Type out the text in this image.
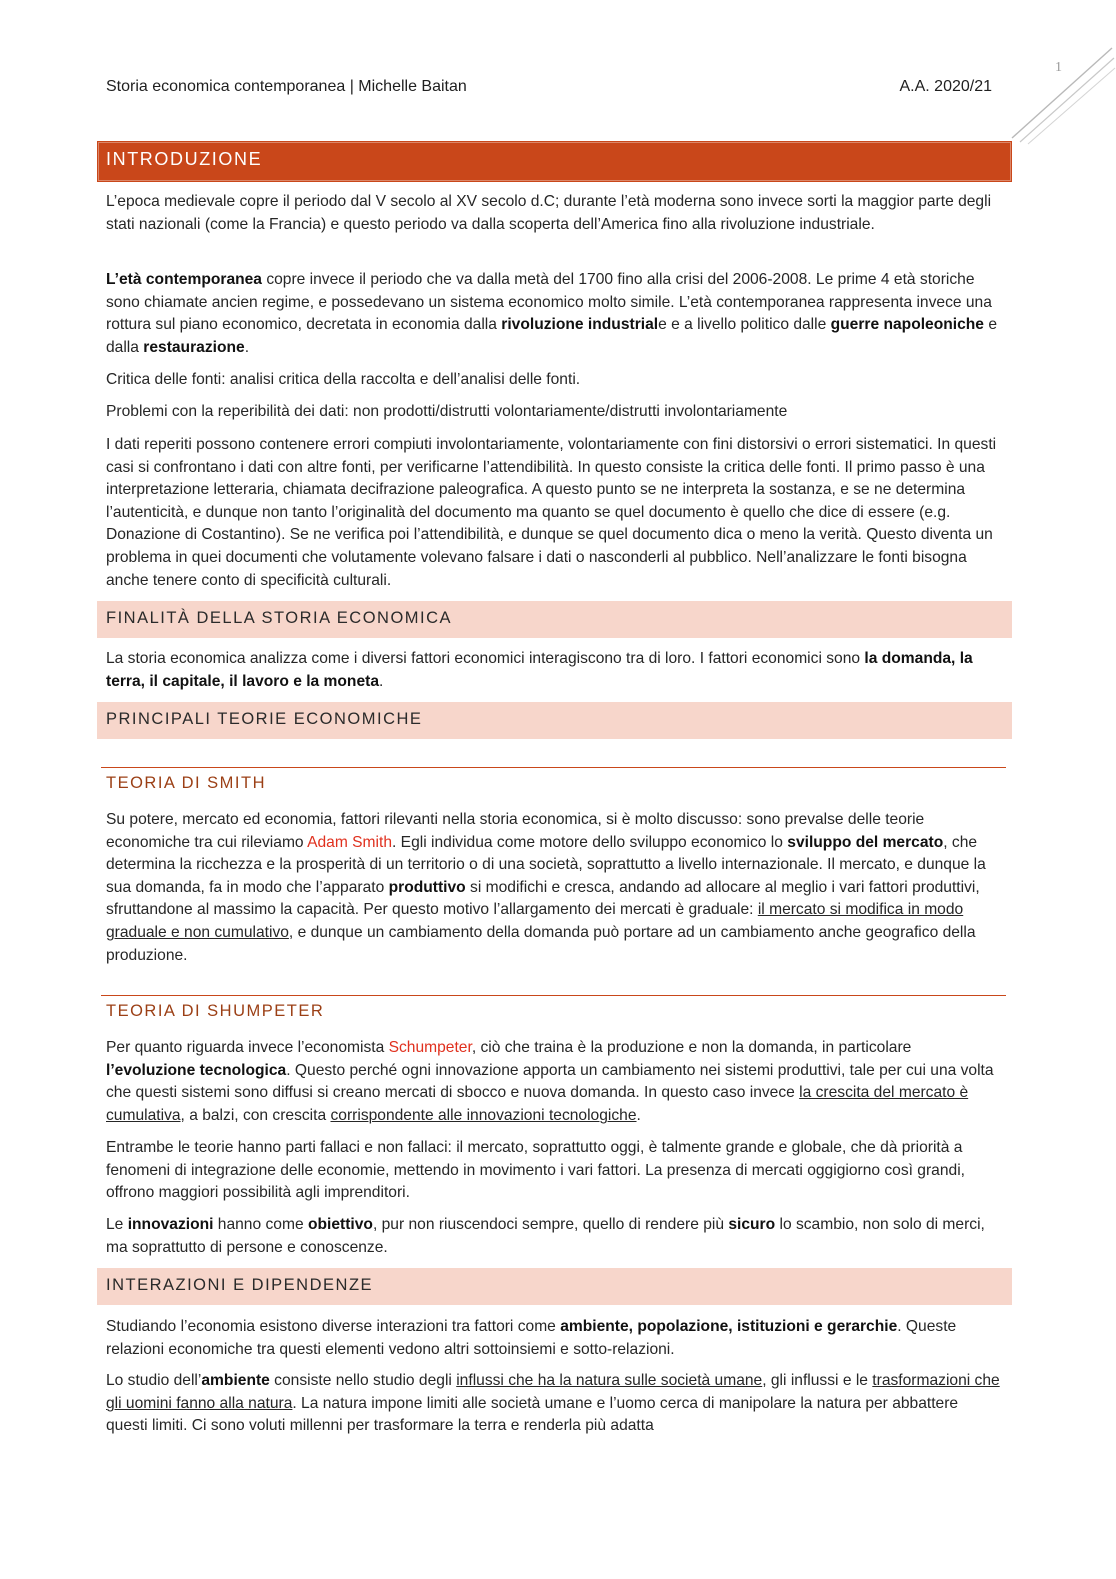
1
Storia economica contemporanea | Michelle Baitan	A.A. 2020/21
INTRODUZIONE

L’epoca medievale copre il periodo dal V secolo al XV secolo d.C; durante l’età moderna sono invece sorti la maggior parte degli stati nazionali (come la Francia) e questo periodo va dalla scoperta dell’America fino alla rivoluzione industriale.

L’età contemporanea copre invece il periodo che va dalla metà del 1700 fino alla crisi del 2006-2008. Le prime 4 età storiche sono chiamate ancien regime, e possedevano un sistema economico molto simile. L’età contemporanea rappresenta invece una rottura sul piano economico, decretata in economia dalla rivoluzione industriale e a livello politico dalle guerre napoleoniche e dalla restaurazione.

Critica delle fonti: analisi critica della raccolta e dell’analisi delle fonti.

Problemi con la reperibilità dei dati: non prodotti/distrutti volontariamente/distrutti involontariamente

I dati reperiti possono contenere errori compiuti involontariamente, volontariamente con fini distorsivi o errori sistematici. In questi casi si confrontano i dati con altre fonti, per verificarne l’attendibilità. In questo consiste la critica delle fonti. Il primo passo è una interpretazione letteraria, chiamata decifrazione paleografica. A questo punto se ne interpreta la sostanza, e se ne determina l’autenticità, e dunque non tanto l’originalità del documento ma quanto se quel documento è quello che dice di essere (e.g. Donazione di Costantino). Se ne verifica poi l’attendibilità, e dunque se quel documento dica o meno la verità. Questo diventa un problema in quei documenti che volutamente volevano falsare i dati o nasconderli al pubblico. Nell’analizzare le fonti bisogna anche tenere conto di specificità culturali.

FINALITÀ DELLA STORIA ECONOMICA

La storia economica analizza come i diversi fattori economici interagiscono tra di loro. I fattori economici sono la domanda, la terra, il capitale, il lavoro e la moneta.

PRINCIPALI TEORIE ECONOMICHE
TEORIA DI SMITH

Su potere, mercato ed economia, fattori rilevanti nella storia economica, si è molto discusso: sono prevalse delle teorie economiche tra cui rileviamo Adam Smith. Egli individua come motore dello sviluppo economico lo sviluppo del mercato, che determina la ricchezza e la prosperità di un territorio o di una società, soprattutto a livello internazionale. Il mercato, e dunque la sua domanda, fa in modo che l’apparato produttivo si modifichi e cresca, andando ad allocare al meglio i vari fattori produttivi, sfruttandone al massimo la capacità. Per questo motivo l’allargamento dei mercati è graduale: il mercato si modifica in modo graduale e non cumulativo, e dunque un cambiamento della domanda può portare ad un cambiamento anche geografico della produzione.

TEORIA DI SHUMPETER

Per quanto riguarda invece l’economista Schumpeter, ciò che traina è la produzione e non la domanda, in particolare l’evoluzione tecnologica. Questo perché ogni innovazione apporta un cambiamento nei sistemi produttivi, tale per cui una volta che questi sistemi sono diffusi si creano mercati di sbocco e nuova domanda. In questo caso invece la crescita del mercato è cumulativa, a balzi, con crescita corrispondente alle innovazioni tecnologiche.

Entrambe le teorie hanno parti fallaci e non fallaci: il mercato, soprattutto oggi, è talmente grande e globale, che dà priorità a fenomeni di integrazione delle economie, mettendo in movimento i vari fattori. La presenza di mercati oggigiorno così grandi, offrono maggiori possibilità agli imprenditori.

Le innovazioni hanno come obiettivo, pur non riuscendoci sempre, quello di rendere più sicuro lo scambio, non solo di merci, ma soprattutto di persone e conoscenze.

INTERAZIONI E DIPENDENZE

Studiando l’economia esistono diverse interazioni tra fattori come ambiente, popolazione, istituzioni e gerarchie. Queste relazioni economiche tra questi elementi vedono altri sottoinsiemi e sotto-relazioni.

Lo studio dell’ambiente consiste nello studio degli influssi che ha la natura sulle società umane, gli influssi e le trasformazioni che gli uomini fanno alla natura. La natura impone limiti alle società umane e l’uomo cerca di manipolare la natura per abbattere questi limiti. Ci sono voluti millenni per trasformare la terra e renderla più adatta
